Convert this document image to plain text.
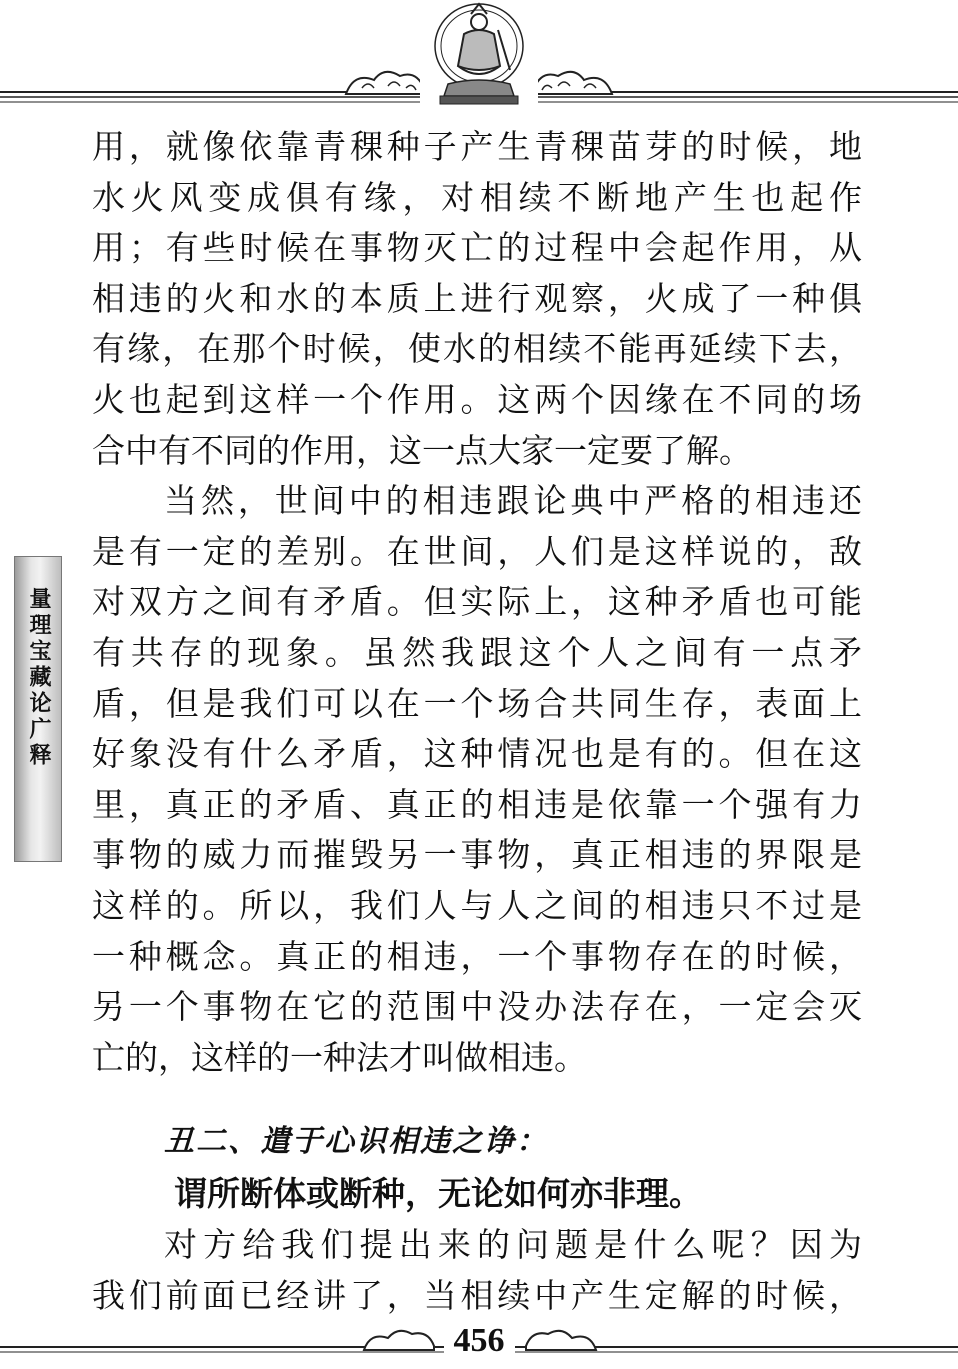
量理宝藏论广释
用，就像依靠青稞种子产生青稞苗芽的时候，地
水火风变成俱有缘，对相续不断地产生也起作
用；有些时候在事物灭亡的过程中会起作用，从
相违的火和水的本质上进行观察，火成了一种俱
有缘，在那个时候，使水的相续不能再延续下去，
火也起到这样一个作用。这两个因缘在不同的场
合中有不同的作用，这一点大家一定要了解。
当然，世间中的相违跟论典中严格的相违还
是有一定的差别。在世间，人们是这样说的，敌
对双方之间有矛盾。但实际上，这种矛盾也可能
有共存的现象。虽然我跟这个人之间有一点矛
盾，但是我们可以在一个场合共同生存，表面上
好象没有什么矛盾，这种情况也是有的。但在这
里，真正的矛盾、真正的相违是依靠一个强有力
事物的威力而摧毁另一事物，真正相违的界限是
这样的。所以，我们人与人之间的相违只不过是
一种概念。真正的相违，一个事物存在的时候，
另一个事物在它的范围中没办法存在，一定会灭
亡的，这样的一种法才叫做相违。
丑二、遣于心识相违之诤：
谓所断体或断种，无论如何亦非理。
对方给我们提出来的问题是什么呢？因为
我们前面已经讲了，当相续中产生定解的时候，
456
